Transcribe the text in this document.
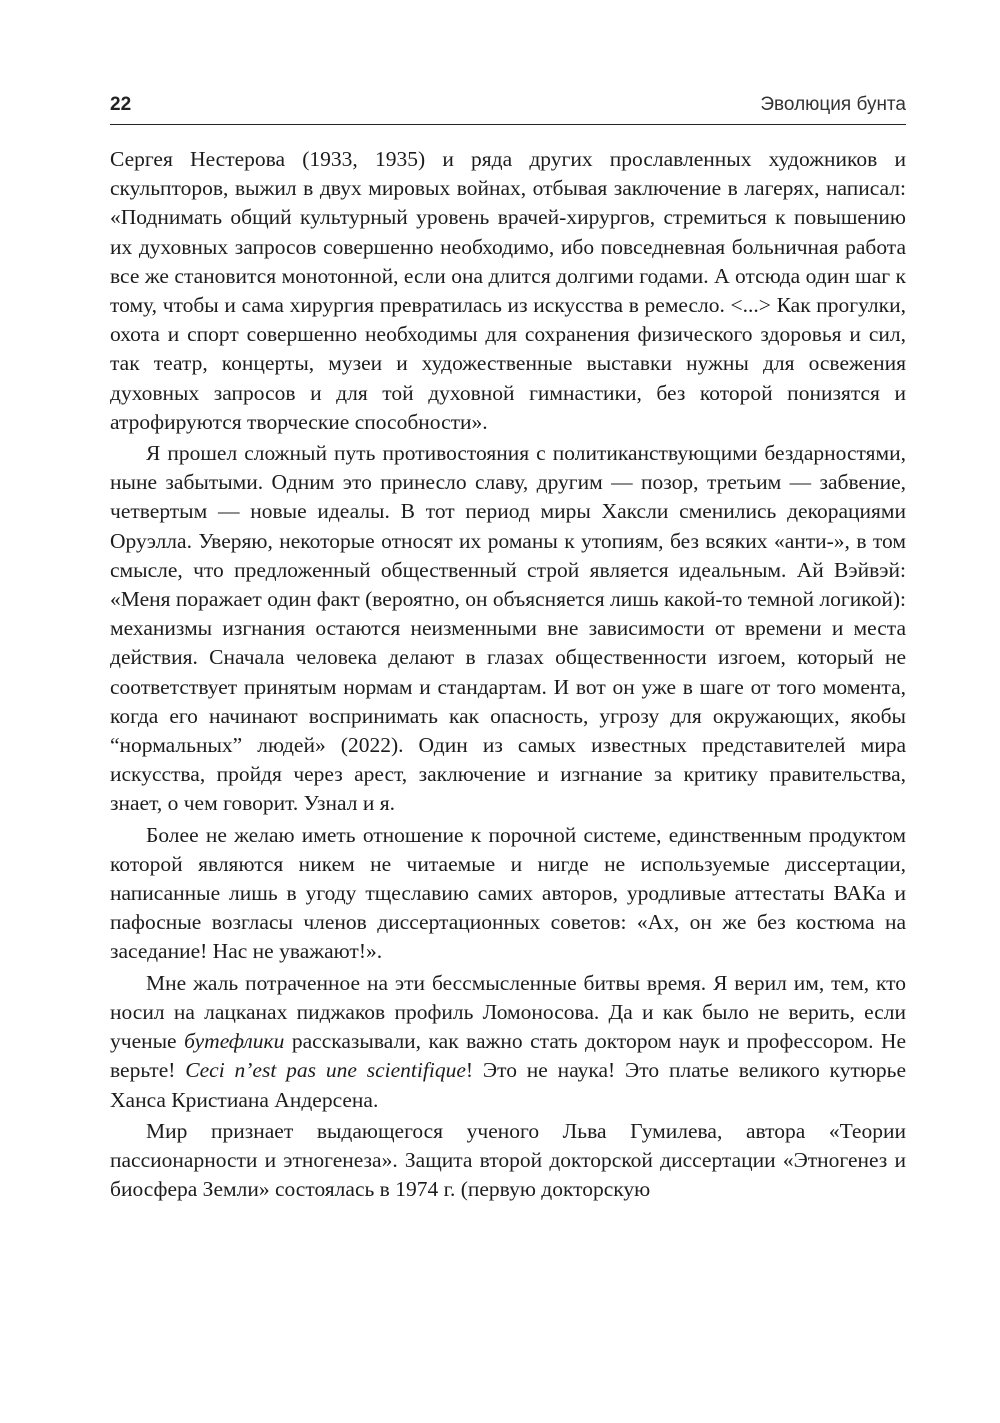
22	Эволюция бунта

Сергея Нестерова (1933, 1935) и ряда других прославленных художников и скульпторов, выжил в двух мировых войнах, отбывая заключение в лагерях, написал: «Поднимать общий культурный уровень врачей-хирургов, стремиться к повышению их духовных запросов совершенно необходимо, ибо повседневная больничная работа все же становится монотонной, если она длится долгими годами. А отсюда один шаг к тому, чтобы и сама хирургия превратилась из искусства в ремесло. <...> Как прогулки, охота и спорт совершенно необходимы для сохранения физического здоровья и сил, так театр, концерты, музеи и художественные выставки нужны для освежения духовных запросов и для той духовной гимнастики, без которой понизятся и атрофируются творческие способности».

Я прошел сложный путь противостояния с политиканствующими бездарностями, ныне забытыми. Одним это принесло славу, другим — позор, третьим — забвение, четвертым — новые идеалы. В тот период миры Хаксли сменились декорациями Оруэлла. Уверяю, некоторые относят их романы к утопиям, без всяких «анти-», в том смысле, что предложенный общественный строй является идеальным. Ай Вэйвэй: «Меня поражает один факт (вероятно, он объясняется лишь какой-то темной логикой): механизмы изгнания остаются неизменными вне зависимости от времени и места действия. Сначала человека делают в глазах общественности изгоем, который не соответствует принятым нормам и стандартам. И вот он уже в шаге от того момента, когда его начинают воспринимать как опасность, угрозу для окружающих, якобы “нормальных” людей» (2022). Один из самых известных представителей мира искусства, пройдя через арест, заключение и изгнание за критику правительства, знает, о чем говорит. Узнал и я.

Более не желаю иметь отношение к порочной системе, единственным продуктом которой являются никем не читаемые и нигде не используемые диссертации, написанные лишь в угоду тщеславию самих авторов, уродливые аттестаты ВАКа и пафосные возгласы членов диссертационных советов: «Ах, он же без костюма на заседание! Нас не уважают!».

Мне жаль потраченное на эти бессмысленные битвы время. Я верил им, тем, кто носил на лацканах пиджаков профиль Ломоносова. Да и как было не верить, если ученые бутефлики рассказывали, как важно стать доктором наук и профессором. Не верьте! Ceci n’est pas une scientifique! Это не наука! Это платье великого кутюрье Ханса Кристиана Андерсена.

Мир признает выдающегося ученого Льва Гумилева, автора «Теории пассионарности и этногенеза». Защита второй докторской диссертации «Этногенез и биосфера Земли» состоялась в 1974 г. (первую докторскую
